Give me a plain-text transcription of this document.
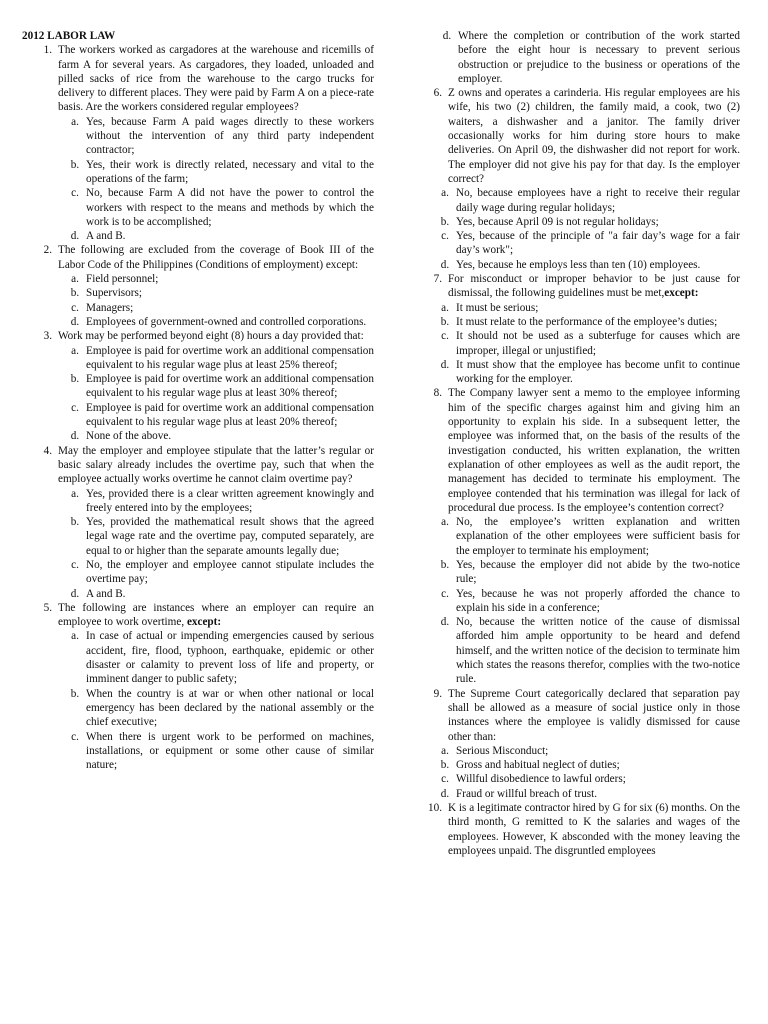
2012 LABOR LAW

1. The workers worked as cargadores at the warehouse and ricemills of farm A for several years. As cargadores, they loaded, unloaded and pilled sacks of rice from the warehouse to the cargo trucks for delivery to different places. They were paid by Farm A on a piece-rate basis. Are the workers considered regular employees?
a. Yes, because Farm A paid wages directly to these workers without the intervention of any third party independent contractor;
b. Yes, their work is directly related, necessary and vital to the operations of the farm;
c. No, because Farm A did not have the power to control the workers with respect to the means and methods by which the work is to be accomplished;
d. A and B.
2. The following are excluded from the coverage of Book III of the Labor Code of the Philippines (Conditions of employment) except:
a. Field personnel;
b. Supervisors;
c. Managers;
d. Employees of government-owned and controlled corporations.
3. Work may be performed beyond eight (8) hours a day provided that:
a. Employee is paid for overtime work an additional compensation equivalent to his regular wage plus at least 25% thereof;
b. Employee is paid for overtime work an additional compensation equivalent to his regular wage plus at least 30% thereof;
c. Employee is paid for overtime work an additional compensation equivalent to his regular wage plus at least 20% thereof;
d. None of the above.
4. May the employer and employee stipulate that the latter’s regular or basic salary already includes the overtime pay, such that when the employee actually works overtime he cannot claim overtime pay?
a. Yes, provided there is a clear written agreement knowingly and freely entered into by the employees;
b. Yes, provided the mathematical result shows that the agreed legal wage rate and the overtime pay, computed separately, are equal to or higher than the separate amounts legally due;
c. No, the employer and employee cannot stipulate includes the overtime pay;
d. A and B.
5. The following are instances where an employer can require an employee to work overtime, except:
a. In case of actual or impending emergencies caused by serious accident, fire, flood, typhoon, earthquake, epidemic or other disaster or calamity to prevent loss of life and property, or imminent danger to public safety;
b. When the country is at war or when other national or local emergency has been declared by the national assembly or the chief executive;
c. When there is urgent work to be performed on machines, installations, or equipment or some other cause of similar nature;
d. Where the completion or contribution of the work started before the eight hour is necessary to prevent serious obstruction or prejudice to the business or operations of the employer.
6. Z owns and operates a carinderia. His regular employees are his wife, his two (2) children, the family maid, a cook, two (2) waiters, a dishwasher and a janitor. The family driver occasionally works for him during store hours to make deliveries. On April 09, the dishwasher did not report for work. The employer did not give his pay for that day. Is the employer correct?
a. No, because employees have a right to receive their regular daily wage during regular holidays;
b. Yes, because April 09 is not regular holidays;
c. Yes, because of the principle of "a fair day’s wage for a fair day’s work";
d. Yes, because he employs less than ten (10) employees.
7. For misconduct or improper behavior to be just cause for dismissal, the following guidelines must be met,except:
a. It must be serious;
b. It must relate to the performance of the employee’s duties;
c. It should not be used as a subterfuge for causes which are improper, illegal or unjustified;
d. It must show that the employee has become unfit to continue working for the employer.
8. The Company lawyer sent a memo to the employee informing him of the specific charges against him and giving him an opportunity to explain his side. In a subsequent letter, the employee was informed that, on the basis of the results of the investigation conducted, his written explanation, the written explanation of other employees as well as the audit report, the management has decided to terminate his employment. The employee contended that his termination was illegal for lack of procedural due process. Is the employee’s contention correct?
a. No, the employee’s written explanation and written explanation of the other employees were sufficient basis for the employer to terminate his employment;
b. Yes, because the employer did not abide by the two-notice rule;
c. Yes, because he was not properly afforded the chance to explain his side in a conference;
d. No, because the written notice of the cause of dismissal afforded him ample opportunity to be heard and defend himself, and the written notice of the decision to terminate him which states the reasons therefor, complies with the two-notice rule.
9. The Supreme Court categorically declared that separation pay shall be allowed as a measure of social justice only in those instances where the employee is validly dismissed for cause other than:
a. Serious Misconduct;
b. Gross and habitual neglect of duties;
c. Willful disobedience to lawful orders;
d. Fraud or willful breach of trust.
10. K is a legitimate contractor hired by G for six (6) months. On the third month, G remitted to K the salaries and wages of the employees. However, K absconded with the money leaving the employees unpaid. The disgruntled employees
